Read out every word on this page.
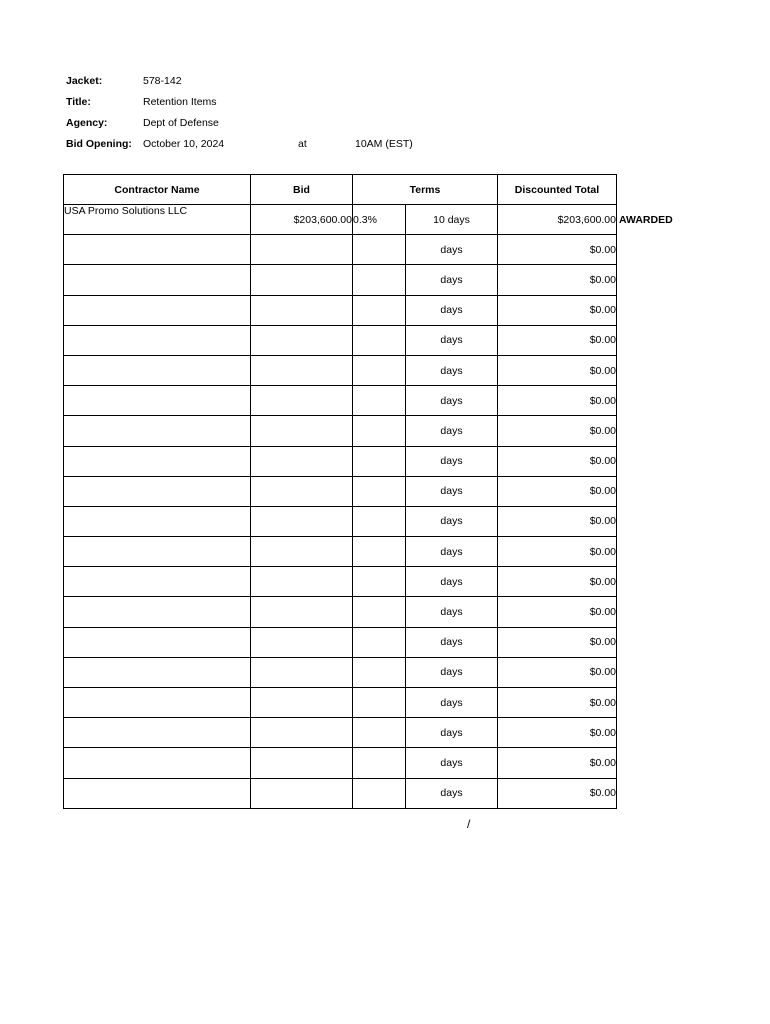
Jacket:	578-142
Title:	Retention Items
Agency:	Dept of Defense
Bid Opening: October 10, 2024	at	10AM (EST)
Contractor Name	Bid	Terms		Discounted Total
USA Promo Solutions LLC	$203,600.00	0.3%	10 days	$203,600.00 AWARDED

			days	$0.00

			days	$0.00

			days	$0.00

			days	$0.00

			days	$0.00

			days	$0.00

			days	$0.00

			days	$0.00

			days	$0.00

			days	$0.00

			days	$0.00

			days	$0.00

			days	$0.00

			days	$0.00

			days	$0.00

			days	$0.00

			days	$0.00

			days	$0.00

			days	$0.00
/
